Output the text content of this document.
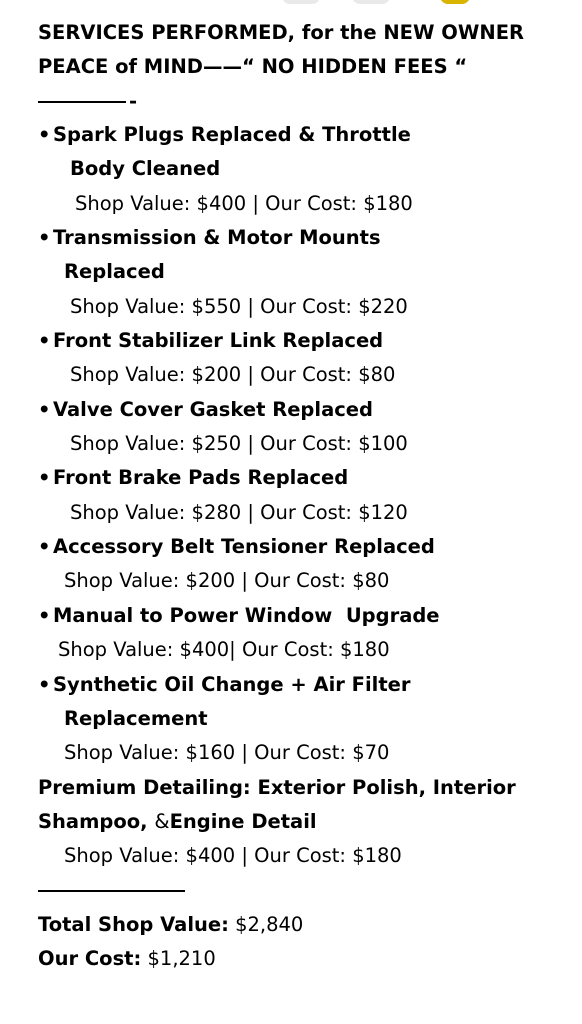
SERVICES PERFORMED, for the NEW OWNER
PEACE of MIND——“ NO HIDDEN FEES “
-
• Spark Plugs Replaced & Throttle
Body Cleaned
Shop Value: $400 | Our Cost: $180
• Transmission & Motor Mounts
Replaced
Shop Value: $550 | Our Cost: $220
• Front Stabilizer Link Replaced
Shop Value: $200 | Our Cost: $80
• Valve Cover Gasket Replaced
Shop Value: $250 | Our Cost: $100
• Front Brake Pads Replaced
Shop Value: $280 | Our Cost: $120
• Accessory Belt Tensioner Replaced
Shop Value: $200 | Our Cost: $80
• Manual to Power Window  Upgrade
Shop Value: $400| Our Cost: $180
• Synthetic Oil Change + Air Filter
Replacement
Shop Value: $160 | Our Cost: $70
Premium Detailing: Exterior Polish, Interior
Shampoo, &Engine Detail
Shop Value: $400 | Our Cost: $180
Total Shop Value: $2,840
Our Cost: $1,210
